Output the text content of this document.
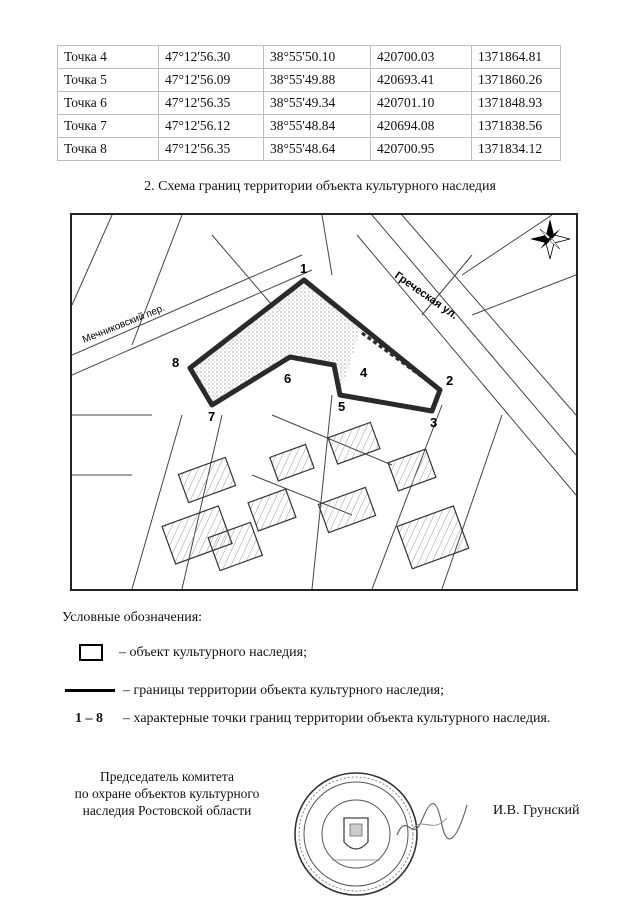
Точка 4	47°12'56.30	38°55'50.10	420700.03	1371864.81
Точка 5	47°12'56.09	38°55'49.88	420693.41	1371860.26
Точка 6	47°12'56.35	38°55'49.34	420701.10	1371848.93
Точка 7	47°12'56.12	38°55'48.84	420694.08	1371838.56
Точка 8	47°12'56.35	38°55'48.64	420700.95	1371834.12
2. Схема границ территории объекта культурного наследия
1
2
3
4
5
6
7
8
Мечниковский пер.
Греческая ул.
Условные обозначения:
– объект культурного наследия;
– границы территории объекта культурного наследия;
1 – 8 – характерные точки границ территории объекта культурного наследия.
Председатель комитета
по охране объектов культурного
наследия Ростовской области	И.В. Грунский
